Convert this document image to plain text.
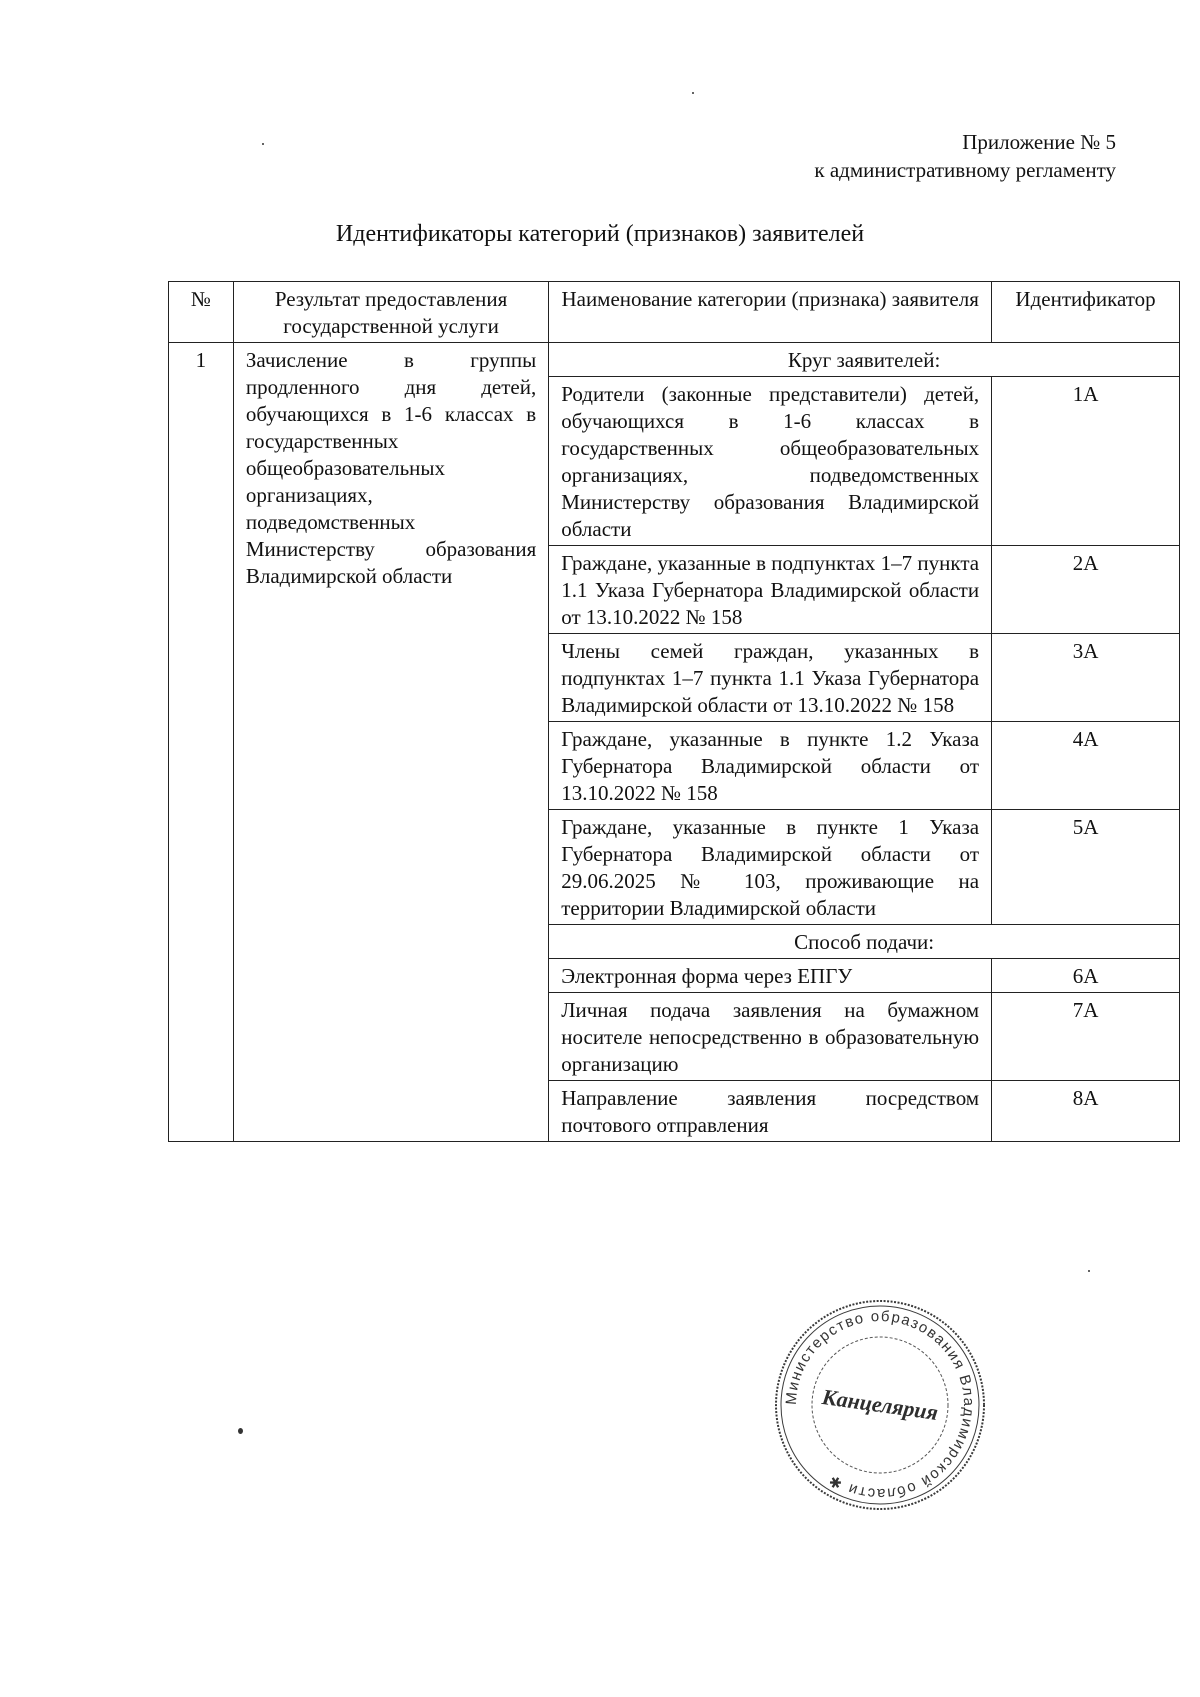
Приложение № 5
к административному регламенту
Идентификаторы категорий (признаков) заявителей
№	Результат предоставления государственной услуги	Наименование категории (признака) заявителя	Идентификатор
1	Зачисление в группы продленного дня детей, обучающихся в 1-6 классах в государственных общеобразовательных организациях, подведомственных Министерству образования Владимирской области	Круг заявителей:	
		Родители (законные представители) детей, обучающихся в 1-6 классах в государственных общеобразовательных организациях, подведомственных Министерству образования Владимирской области	1А
		Граждане, указанные в подпунктах 1–7 пункта 1.1 Указа Губернатора Владимирской области от 13.10.2022 № 158	2А
		Члены семей граждан, указанных в подпунктах 1–7 пункта 1.1 Указа Губернатора Владимирской области от 13.10.2022 № 158	3А
		Граждане, указанные в пункте 1.2 Указа Губернатора Владимирской области от 13.10.2022 № 158	4А
		Граждане, указанные в пункте 1 Указа Губернатора Владимирской области от 29.06.2025 № 103, проживающие на территории Владимирской области	5А
		Способ подачи:	
		Электронная форма через ЕПГУ	6А
		Личная подача заявления на бумажном носителе непосредственно в образовательную организацию	7А
		Направление заявления посредством почтового отправления	8А
Министерство образования Владимирской области ✱
Канцелярия
